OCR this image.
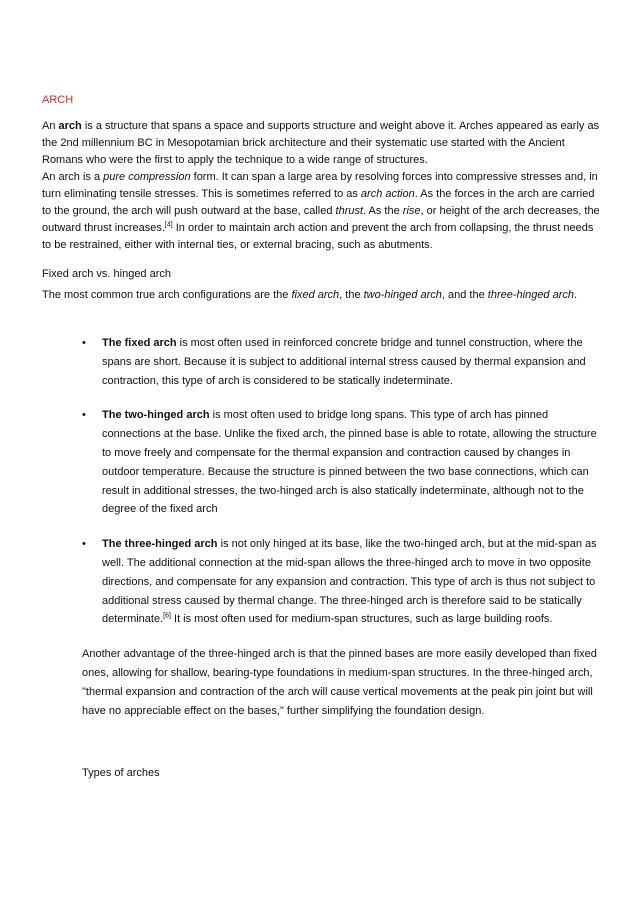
ARCH

An arch is a structure that spans a space and supports structure and weight above it. Arches appeared as early as the 2nd millennium BC in Mesopotamian brick architecture and their systematic use started with the Ancient Romans who were the first to apply the technique to a wide range of structures.

An arch is a pure compression form. It can span a large area by resolving forces into compressive stresses and, in turn eliminating tensile stresses. This is sometimes referred to as arch action. As the forces in the arch are carried to the ground, the arch will push outward at the base, called thrust. As the rise, or height of the arch decreases, the outward thrust increases.[4] In order to maintain arch action and prevent the arch from collapsing, the thrust needs to be restrained, either with internal ties, or external bracing, such as abutments.

Fixed arch vs. hinged arch

The most common true arch configurations are the fixed arch, the two-hinged arch, and the three-hinged arch.

• The fixed arch is most often used in reinforced concrete bridge and tunnel construction, where the spans are short. Because it is subject to additional internal stress caused by thermal expansion and contraction, this type of arch is considered to be statically indeterminate.
• The two-hinged arch is most often used to bridge long spans. This type of arch has pinned connections at the base. Unlike the fixed arch, the pinned base is able to rotate, allowing the structure to move freely and compensate for the thermal expansion and contraction caused by changes in outdoor temperature. Because the structure is pinned between the two base connections, which can result in additional stresses, the two-hinged arch is also statically indeterminate, although not to the degree of the fixed arch
• The three-hinged arch is not only hinged at its base, like the two-hinged arch, but at the mid-span as well. The additional connection at the mid-span allows the three-hinged arch to move in two opposite directions, and compensate for any expansion and contraction. This type of arch is thus not subject to additional stress caused by thermal change. The three-hinged arch is therefore said to be statically determinate.[6] It is most often used for medium-span structures, such as large building roofs.

Another advantage of the three-hinged arch is that the pinned bases are more easily developed than fixed ones, allowing for shallow, bearing-type foundations in medium-span structures. In the three-hinged arch, "thermal expansion and contraction of the arch will cause vertical movements at the peak pin joint but will have no appreciable effect on the bases," further simplifying the foundation design.

Types of arches
